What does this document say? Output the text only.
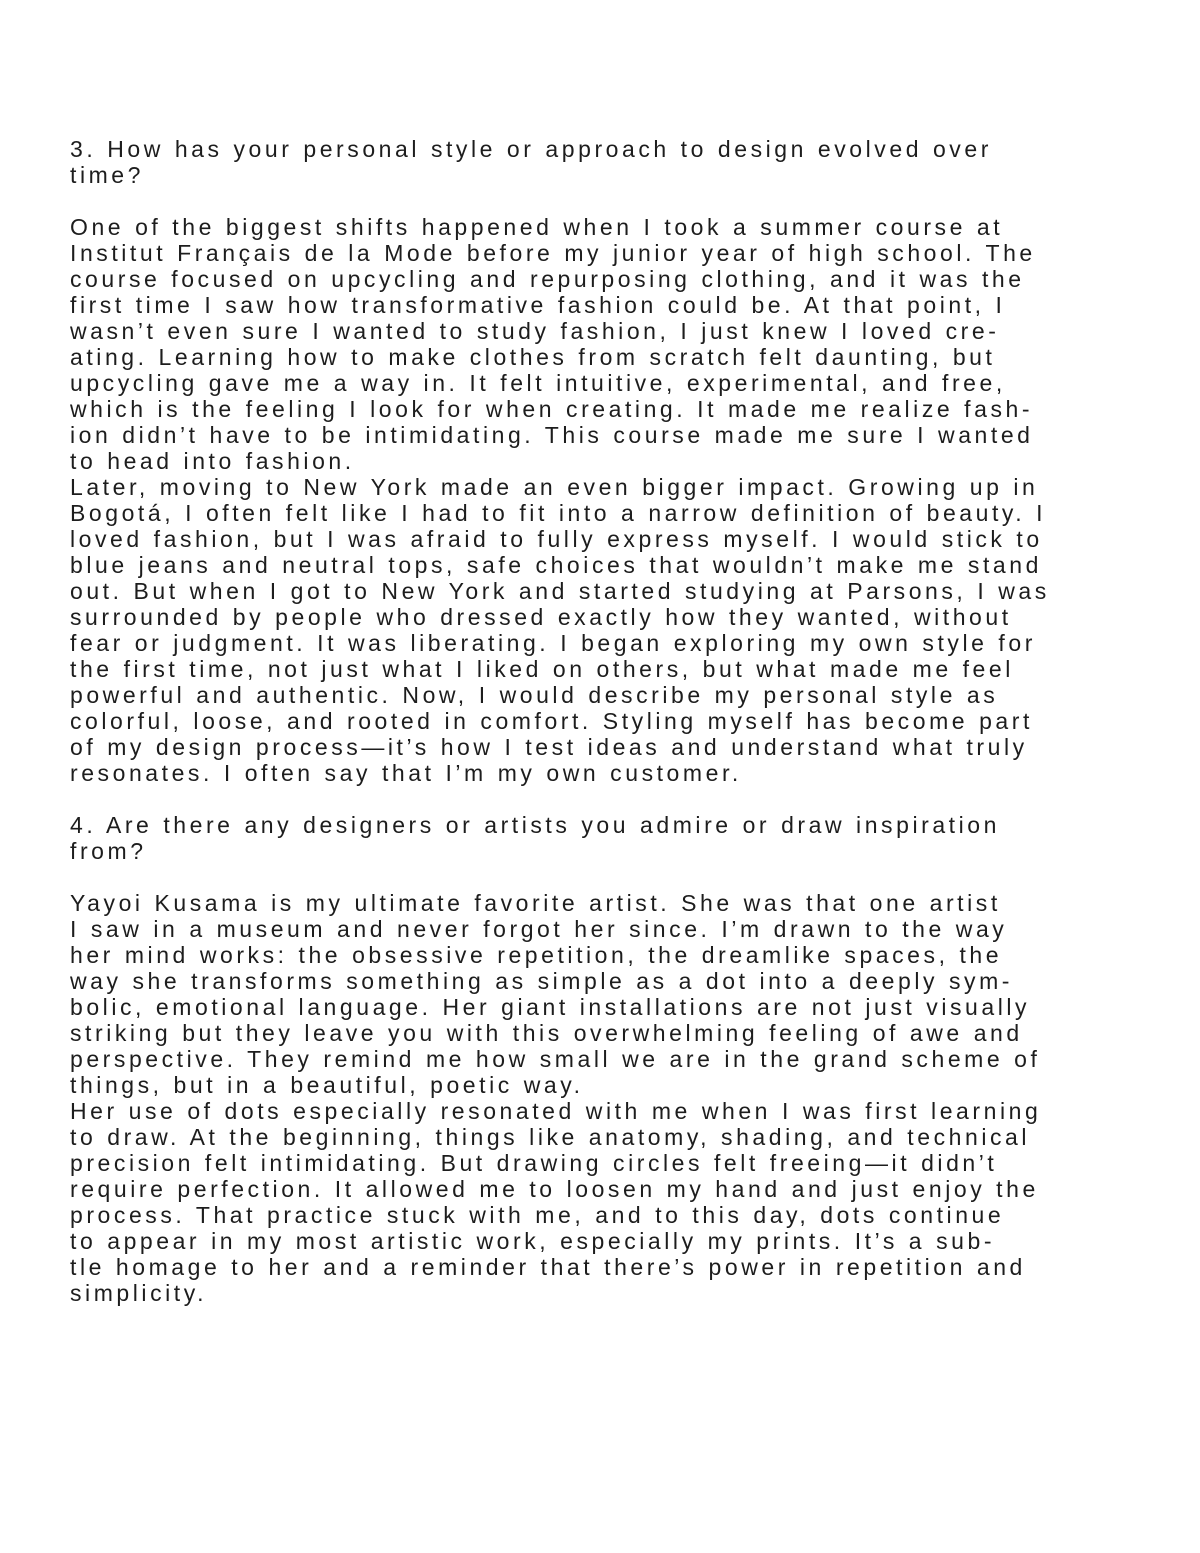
3. How has your personal style or approach to design evolved over
time?
One of the biggest shifts happened when I took a summer course at
Institut Français de la Mode before my junior year of high school. The
course focused on upcycling and repurposing clothing, and it was the
first time I saw how transformative fashion could be. At that point, I
wasn’t even sure I wanted to study fashion, I just knew I loved cre-
ating. Learning how to make clothes from scratch felt daunting, but
upcycling gave me a way in. It felt intuitive, experimental, and free,
which is the feeling I look for when creating. It made me realize fash-
ion didn’t have to be intimidating. This course made me sure I wanted
to head into fashion.
Later, moving to New York made an even bigger impact. Growing up in
Bogotá, I often felt like I had to fit into a narrow definition of beauty. I
loved fashion, but I was afraid to fully express myself. I would stick to
blue jeans and neutral tops, safe choices that wouldn’t make me stand
out. But when I got to New York and started studying at Parsons, I was
surrounded by people who dressed exactly how they wanted, without
fear or judgment. It was liberating. I began exploring my own style for
the first time, not just what I liked on others, but what made me feel
powerful and authentic. Now, I would describe my personal style as
colorful, loose, and rooted in comfort. Styling myself has become part
of my design process—it’s how I test ideas and understand what truly
resonates. I often say that I’m my own customer.
4. Are there any designers or artists you admire or draw inspiration
from?
Yayoi Kusama is my ultimate favorite artist. She was that one artist
I saw in a museum and never forgot her since. I’m drawn to the way
her mind works: the obsessive repetition, the dreamlike spaces, the
way she transforms something as simple as a dot into a deeply sym-
bolic, emotional language. Her giant installations are not just visually
striking but they leave you with this overwhelming feeling of awe and
perspective. They remind me how small we are in the grand scheme of
things, but in a beautiful, poetic way.
Her use of dots especially resonated with me when I was first learning
to draw. At the beginning, things like anatomy, shading, and technical
precision felt intimidating. But drawing circles felt freeing—it didn’t
require perfection. It allowed me to loosen my hand and just enjoy the
process. That practice stuck with me, and to this day, dots continue
to appear in my most artistic work, especially my prints. It’s a sub-
tle homage to her and a reminder that there’s power in repetition and
simplicity.
